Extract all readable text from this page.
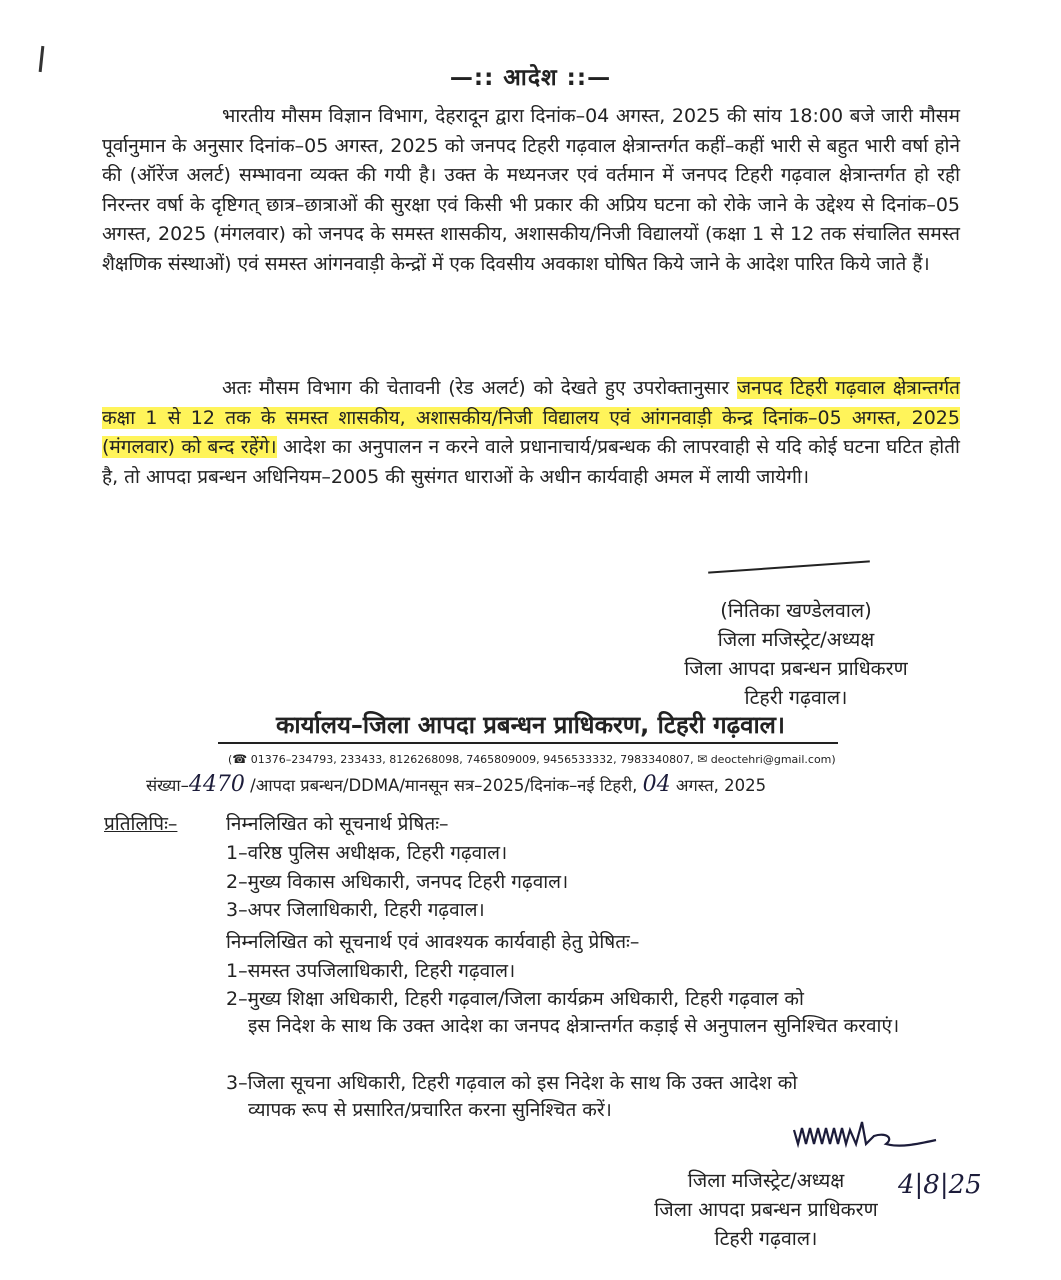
—:: आदेश ::—

भारतीय मौसम विज्ञान विभाग, देहरादून द्वारा दिनांक–04 अगस्त, 2025 की सांय 18:00 बजे जारी मौसम पूर्वानुमान के अनुसार दिनांक–05 अगस्त, 2025 को जनपद टिहरी गढ़वाल क्षेत्रान्तर्गत कहीं–कहीं भारी से बहुत भारी वर्षा होने की (ऑरेंज अलर्ट) सम्भावना व्यक्त की गयी है। उक्त के मध्यनजर एवं वर्तमान में जनपद टिहरी गढ़वाल क्षेत्रान्तर्गत हो रही निरन्तर वर्षा के दृष्टिगत् छात्र–छात्राओं की सुरक्षा एवं किसी भी प्रकार की अप्रिय घटना को रोके जाने के उद्देश्य से दिनांक–05 अगस्त, 2025 (मंगलवार) को जनपद के समस्त शासकीय, अशासकीय/निजी विद्यालयों (कक्षा 1 से 12 तक संचालित समस्त शैक्षणिक संस्थाओं) एवं समस्त आंगनवाड़ी केन्द्रों में एक दिवसीय अवकाश घोषित किये जाने के आदेश पारित किये जाते हैं।

अतः मौसम विभाग की चेतावनी (रेड अलर्ट) को देखते हुए उपरोक्तानुसार जनपद टिहरी गढ़वाल क्षेत्रान्तर्गत कक्षा 1 से 12 तक के समस्त शासकीय, अशासकीय/निजी विद्यालय एवं आंगनवाड़ी केन्द्र दिनांक–05 अगस्त, 2025 (मंगलवार) को बन्द रहेंगे। आदेश का अनुपालन न करने वाले प्रधानाचार्य/प्रबन्धक की लापरवाही से यदि कोई घटना घटित होती है, तो आपदा प्रबन्धन अधिनियम–2005 की सुसंगत धाराओं के अधीन कार्यवाही अमल में लायी जायेगी।

(नितिका खण्डेलवाल)
जिला मजिस्ट्रेट/अध्यक्ष
जिला आपदा प्रबन्धन प्राधिकरण
टिहरी गढ़वाल।
कार्यालय–जिला आपदा प्रबन्धन प्राधिकरण, टिहरी गढ़वाल।
(☎ 01376–234793, 233433, 8126268098, 7465809009, 9456533332, 7983340807, ✉ deoctehri@gmail.com)
संख्या–4470 /आपदा प्रबन्धन/DDMA/मानसून सत्र–2025/दिनांक–नई टिहरी, 04 अगस्त, 2025
प्रतिलिपिः–	निम्नलिखित को सूचनार्थ प्रेषितः–
1–वरिष्ठ पुलिस अधीक्षक, टिहरी गढ़वाल।
2–मुख्य विकास अधिकारी, जनपद टिहरी गढ़वाल।
3–अपर जिलाधिकारी, टिहरी गढ़वाल।
निम्नलिखित को सूचनार्थ एवं आवश्यक कार्यवाही हेतु प्रेषितः–
1–समस्त उपजिलाधिकारी, टिहरी गढ़वाल।
2–मुख्य शिक्षा अधिकारी, टिहरी गढ़वाल/जिला कार्यक्रम अधिकारी, टिहरी गढ़वाल को
इस निदेश के साथ कि उक्त आदेश का जनपद क्षेत्रान्तर्गत कड़ाई से अनुपालन सुनिश्चित करवाएं।
3–जिला सूचना अधिकारी, टिहरी गढ़वाल को इस निदेश के साथ कि उक्त आदेश को
व्यापक रूप से प्रसारित/प्रचारित करना सुनिश्चित करें।
जिला मजिस्ट्रेट/अध्यक्ष
जिला आपदा प्रबन्धन प्राधिकरण
टिहरी गढ़वाल।
4|8|25
